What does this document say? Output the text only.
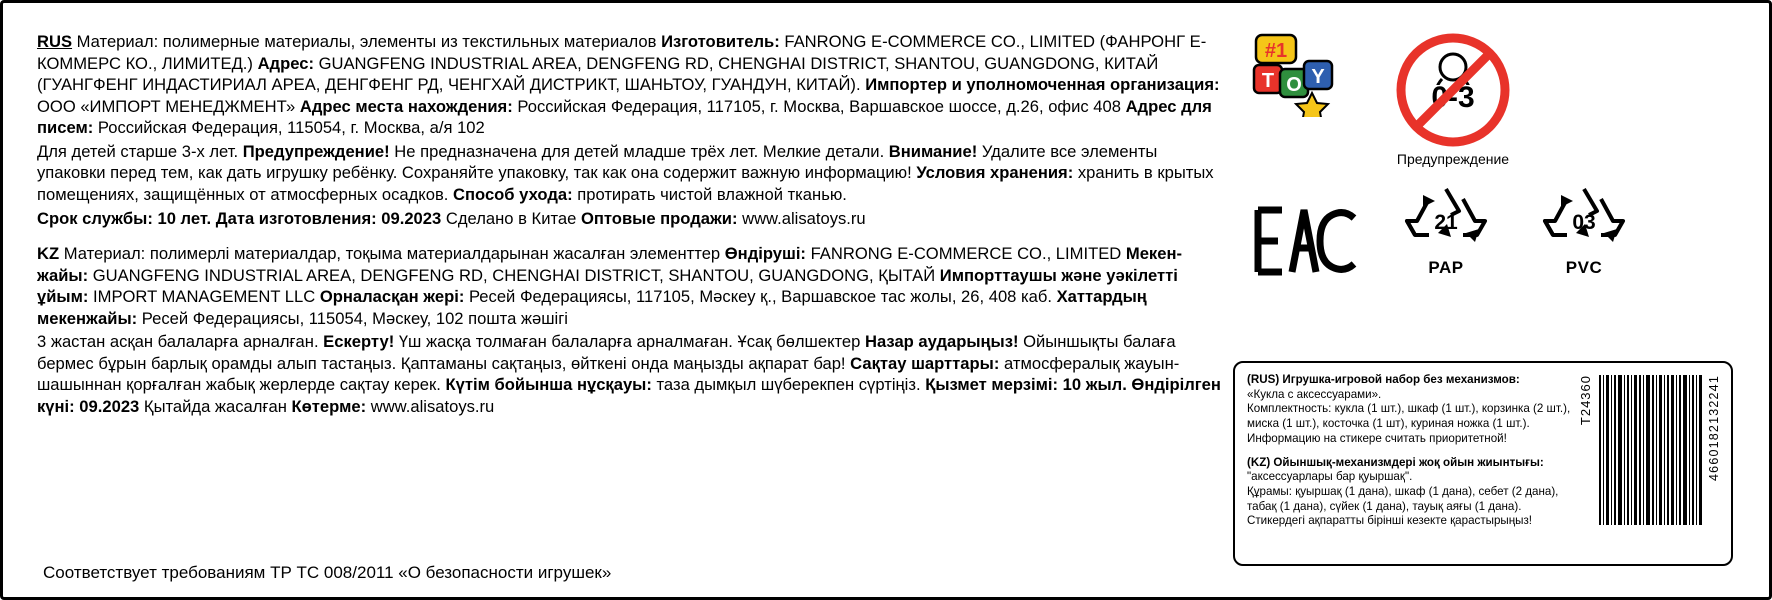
RUS Материал: полимерные материалы, элементы из текстильных материалов Изготовитель: FANRONG E-COMMERCE CO., LIMITED (ФАНРОНГ Е-КОММЕРС КО., ЛИМИТЕД.) Адрес: GUANGFENG INDUSTRIAL AREA, DENGFENG RD, CHENGHAI DISTRICT, SHANTOU, GUANGDONG, КИТАЙ (ГУАНГФЕНГ ИНДАСТИРИАЛ АРЕА, ДЕНГФЕНГ РД, ЧЕНГХАЙ ДИСТРИКТ, ШАНЬТОУ, ГУАНДУН, КИТАЙ). Импортер и уполномоченная организация: ООО «ИМПОРТ МЕНЕДЖМЕНТ» Адрес места нахождения: Российская Федерация, 117105, г. Москва, Варшавское шоссе, д.26, офис 408 Адрес для писем: Российская Федерация, 115054, г. Москва, а/я 102

Для детей старше 3-х лет. Предупреждение! Не предназначена для детей младше трёх лет. Мелкие детали. Внимание! Удалите все элементы упаковки перед тем, как дать игрушку ребёнку. Сохраняйте упаковку, так как она содержит важную информацию! Условия хранения: хранить в крытых помещениях, защищённых от атмосферных осадков. Способ ухода: протирать чистой влажной тканью.

Срок службы: 10 лет. Дата изготовления: 09.2023 Сделано в Китае Оптовые продажи: www.alisatoys.ru

KZ Материал: полимерлі материалдар, тоқыма материалдарынан жасалған элементтер Өндіруші: FANRONG E-COMMERCE CO., LIMITED Мекен-жайы: GUANGFENG INDUSTRIAL AREA, DENGFENG RD, CHENGHAI DISTRICT, SHANTOU, GUANGDONG, ҚЫТАЙ Импорттаушы және уәкілетті ұйым: IMPORT MANAGEMENT LLC Орналасқан жері: Ресей Федерациясы, 117105, Мәскеу қ., Варшавское тас жолы, 26, 408 каб. Хаттардың мекенжайы: Ресей Федерациясы, 115054, Мәскеу, 102 пошта жәшігі

3 жастан асқан балаларға арналған. Ескерту! Үш жасқа толмаған балаларға арналмаған. Ұсақ бөлшектер Назар аударыңыз! Ойыншықты балаға бермес бұрын барлық орамды алып тастаңыз. Қаптаманы сақтаңыз, өйткені онда маңызды ақпарат бар! Сақтау шарттары: атмосфералық жауын-шашыннан қорғалған жабық жерлерде сақтау керек. Күтім бойынша нұсқауы: таза дымқыл шүберекпен сүртіңіз. Қызмет мерзімі: 10 жыл. Өндірілген күні: 09.2023 Қытайда жасалған Көтерме: www.alisatoys.ru

#1
T O Y
0-3
Предупреждение
21
PAP
03
PVC

(RUS) Игрушка-игровой набор без механизмов:

«Кукла с аксессуарами».

Комплектность: кукла (1 шт.), шкаф (1 шт.), корзинка (2 шт.), миска (1 шт.), косточка (1 шт), куриная ножка (1 шт.).

Информацию на стикере считать приоритетной!

(KZ) Ойыншық-механизмдері жоқ ойын жиынтығы:

"аксессуарлары бар қуыршақ".

Құрамы: қуыршақ (1 дана), шкаф (1 дана), себет (2 дана), табақ (1 дана), сүйек (1 дана), тауық аяғы (1 дана).

Стикердегі ақпаратты бірінші кезекте қарастырыңыз!

T24360	4660182132241
Соответствует требованиям ТР ТС 008/2011 «О безопасности игрушек»
